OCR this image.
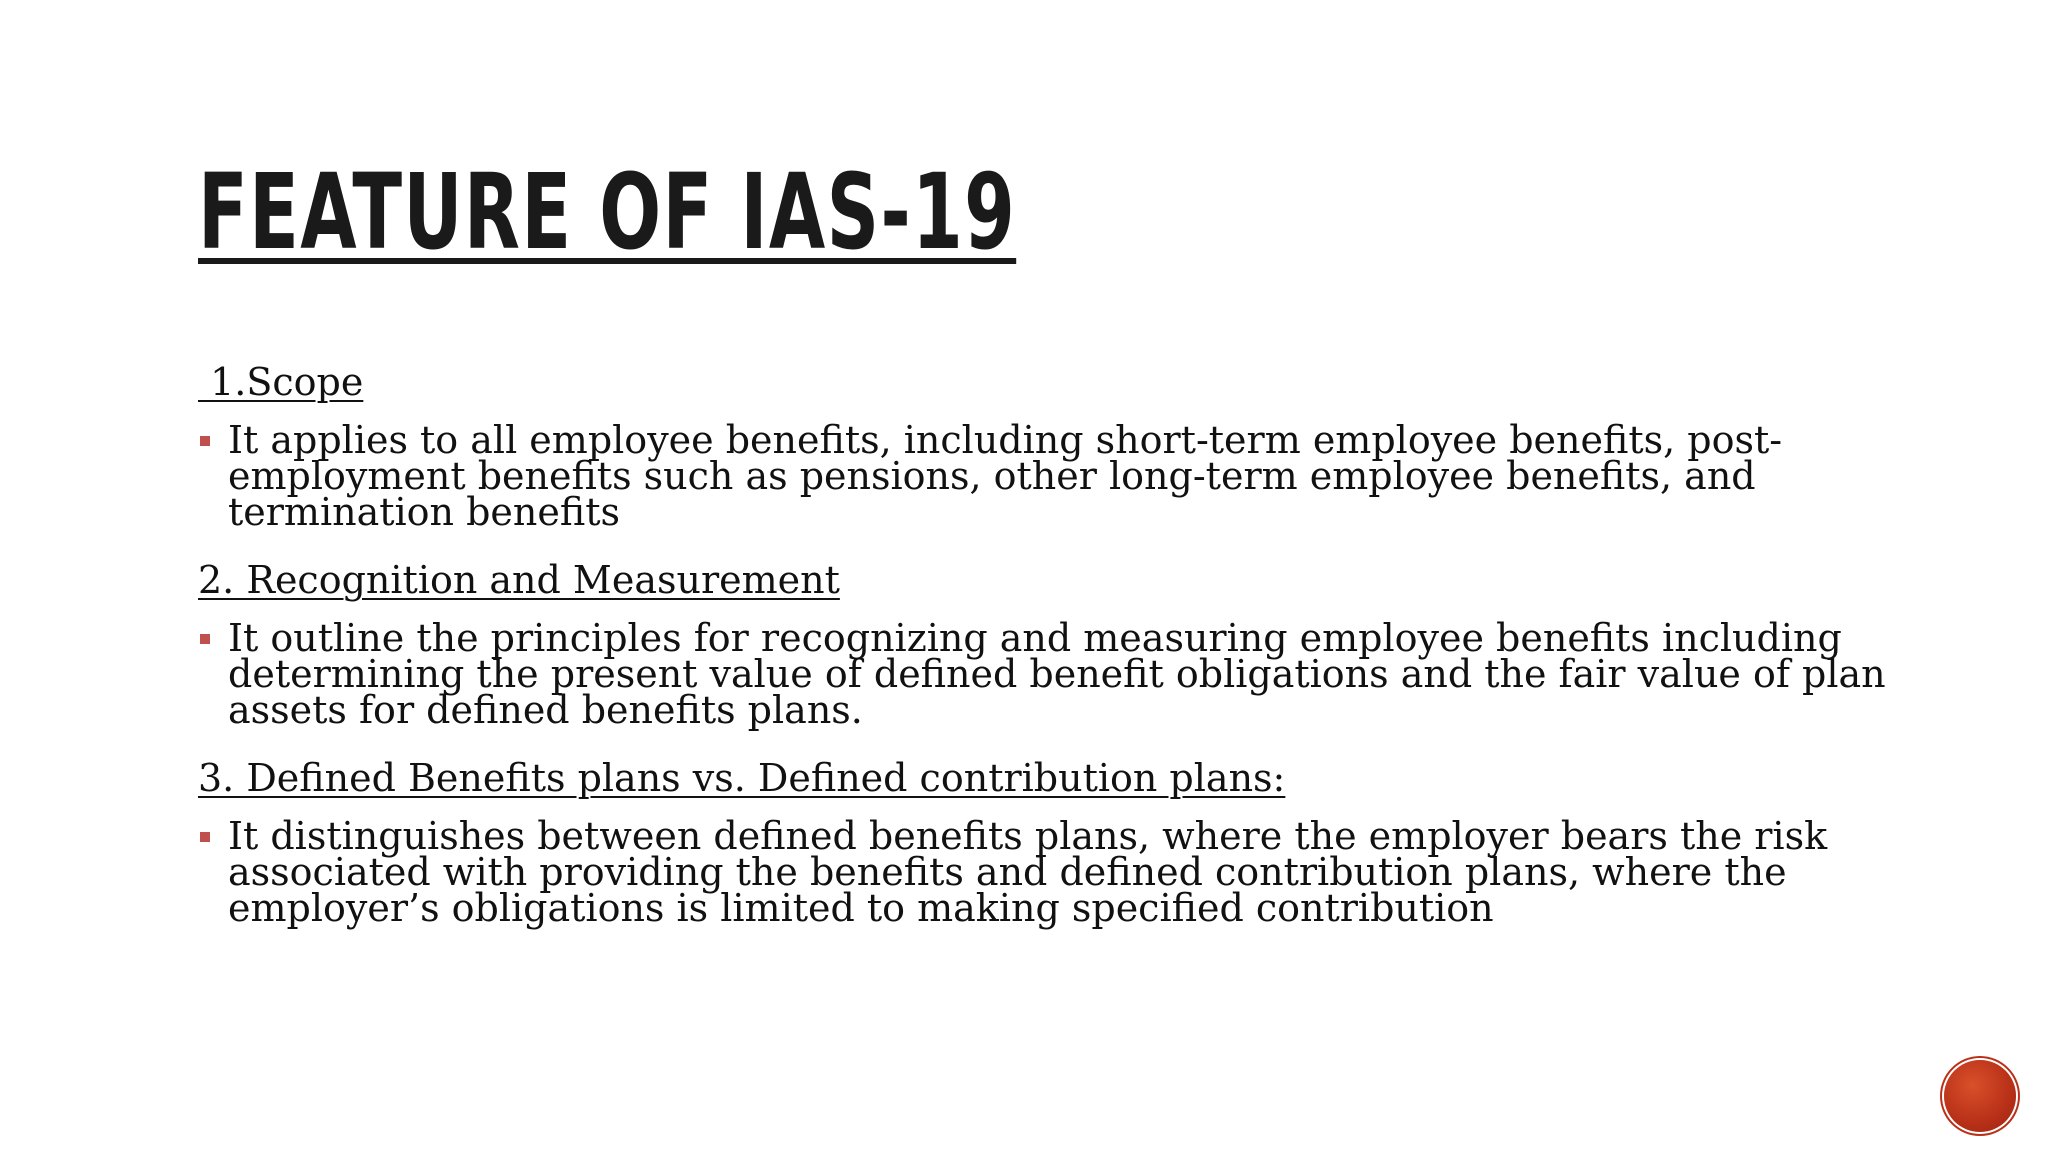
FEATURE OF IAS-19
1.Scope
It applies to all employee benefits, including short-term employee benefits, post-employment benefits such as pensions, other long-term employee benefits, and termination benefits
2. Recognition and Measurement
It outline the principles for recognizing and measuring employee benefits including determining the present value of defined benefit obligations and the fair value of plan assets for defined benefits plans.
3. Defined Benefits plans vs. Defined contribution plans:
It distinguishes between defined benefits plans, where the employer bears the risk associated with providing the benefits and defined contribution plans, where the employer’s obligations is limited to making specified contribution
